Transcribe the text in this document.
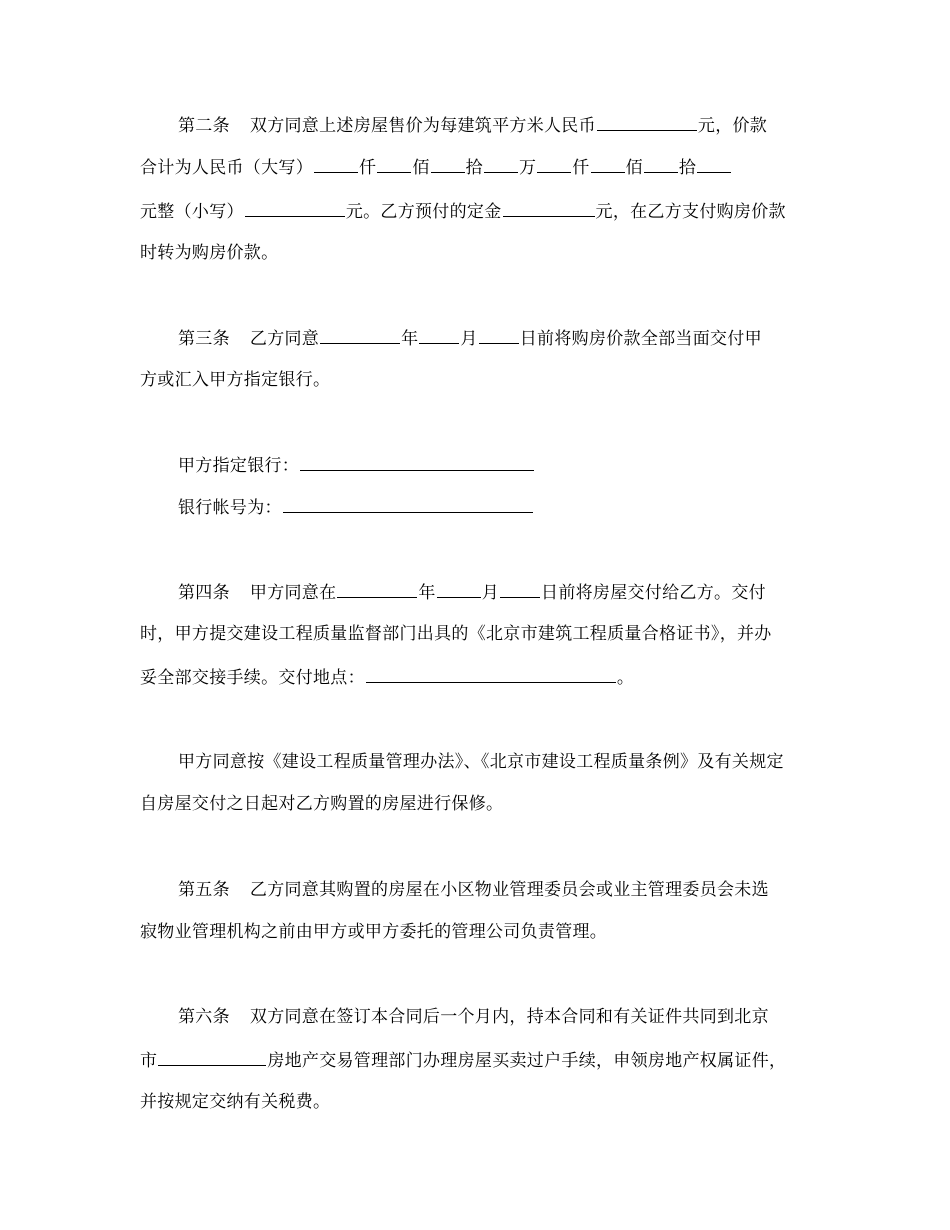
第二条 双方同意上述房屋售价为每建筑平方米人民币	元，价款
合计为人民币（大写）	仟 佰 拾 万 仟 佰 拾
元整（小写）	元。乙方预付的定金	元，在乙方支付购房价款
时转为购房价款。
第三条 乙方同意	年 月 日前将购房价款全部当面交付甲
方或汇入甲方指定银行。
甲方指定银行：
银行帐号为：
第四条 甲方同意在	年	月 日前将房屋交付给乙方。交付
时，甲方提交建设工程质量监督部门出具的《北京市建筑工程质量合格证书》，并办
妥全部交接手续。交付地点：	。
甲方同意按《建设工程质量管理办法》、《北京市建设工程质量条例》及有关规定
自房屋交付之日起对乙方购置的房屋进行保修。
第五条 乙方同意其购置的房屋在小区物业管理委员会或业主管理委员会未选
寂物业管理机构之前由甲方或甲方委托的管理公司负责管理。
第六条 双方同意在签订本合同后一个月内，持本合同和有关证件共同到北京
市	房地产交易管理部门办理房屋买卖过户手续，申领房地产权属证件，
并按规定交纳有关税费。
